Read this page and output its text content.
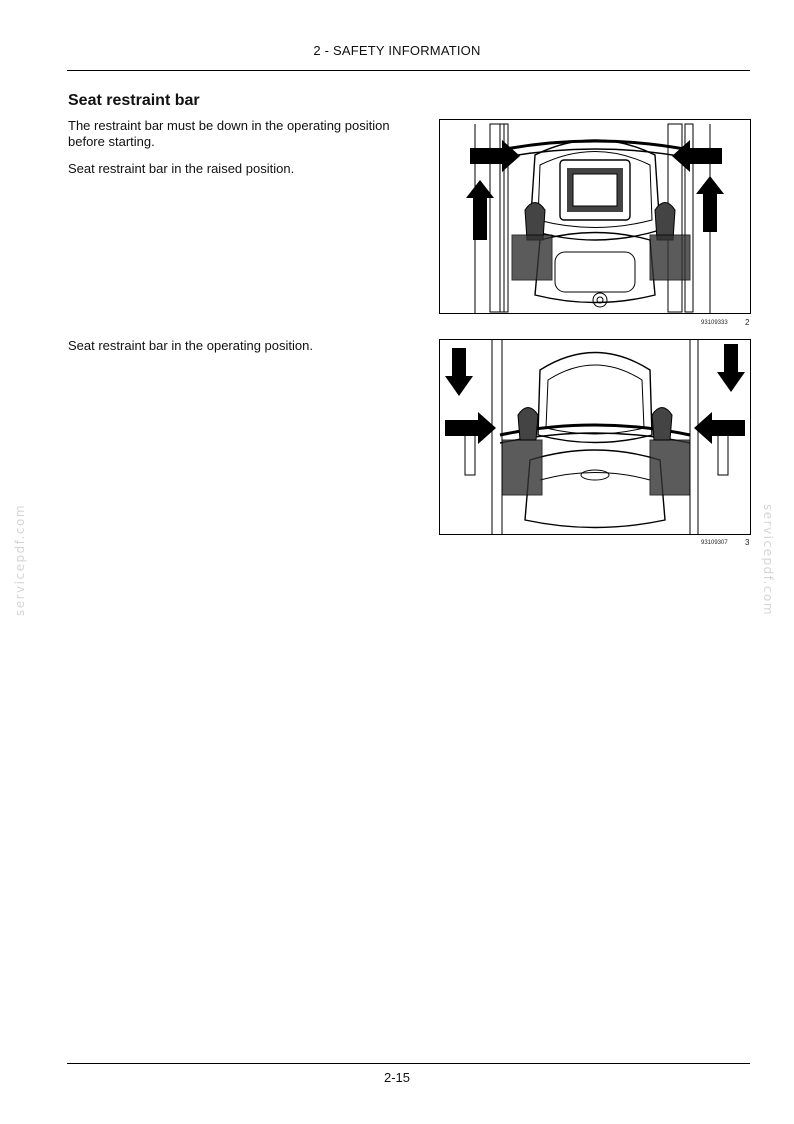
2 - SAFETY INFORMATION
Seat restraint bar
The restraint bar must be down in the operating position before starting.
Seat restraint bar in the raised position.
Seat restraint bar in the operating position.
93109333 2
93109307 3
servicepdf.com	servicepdf.com
2-15
